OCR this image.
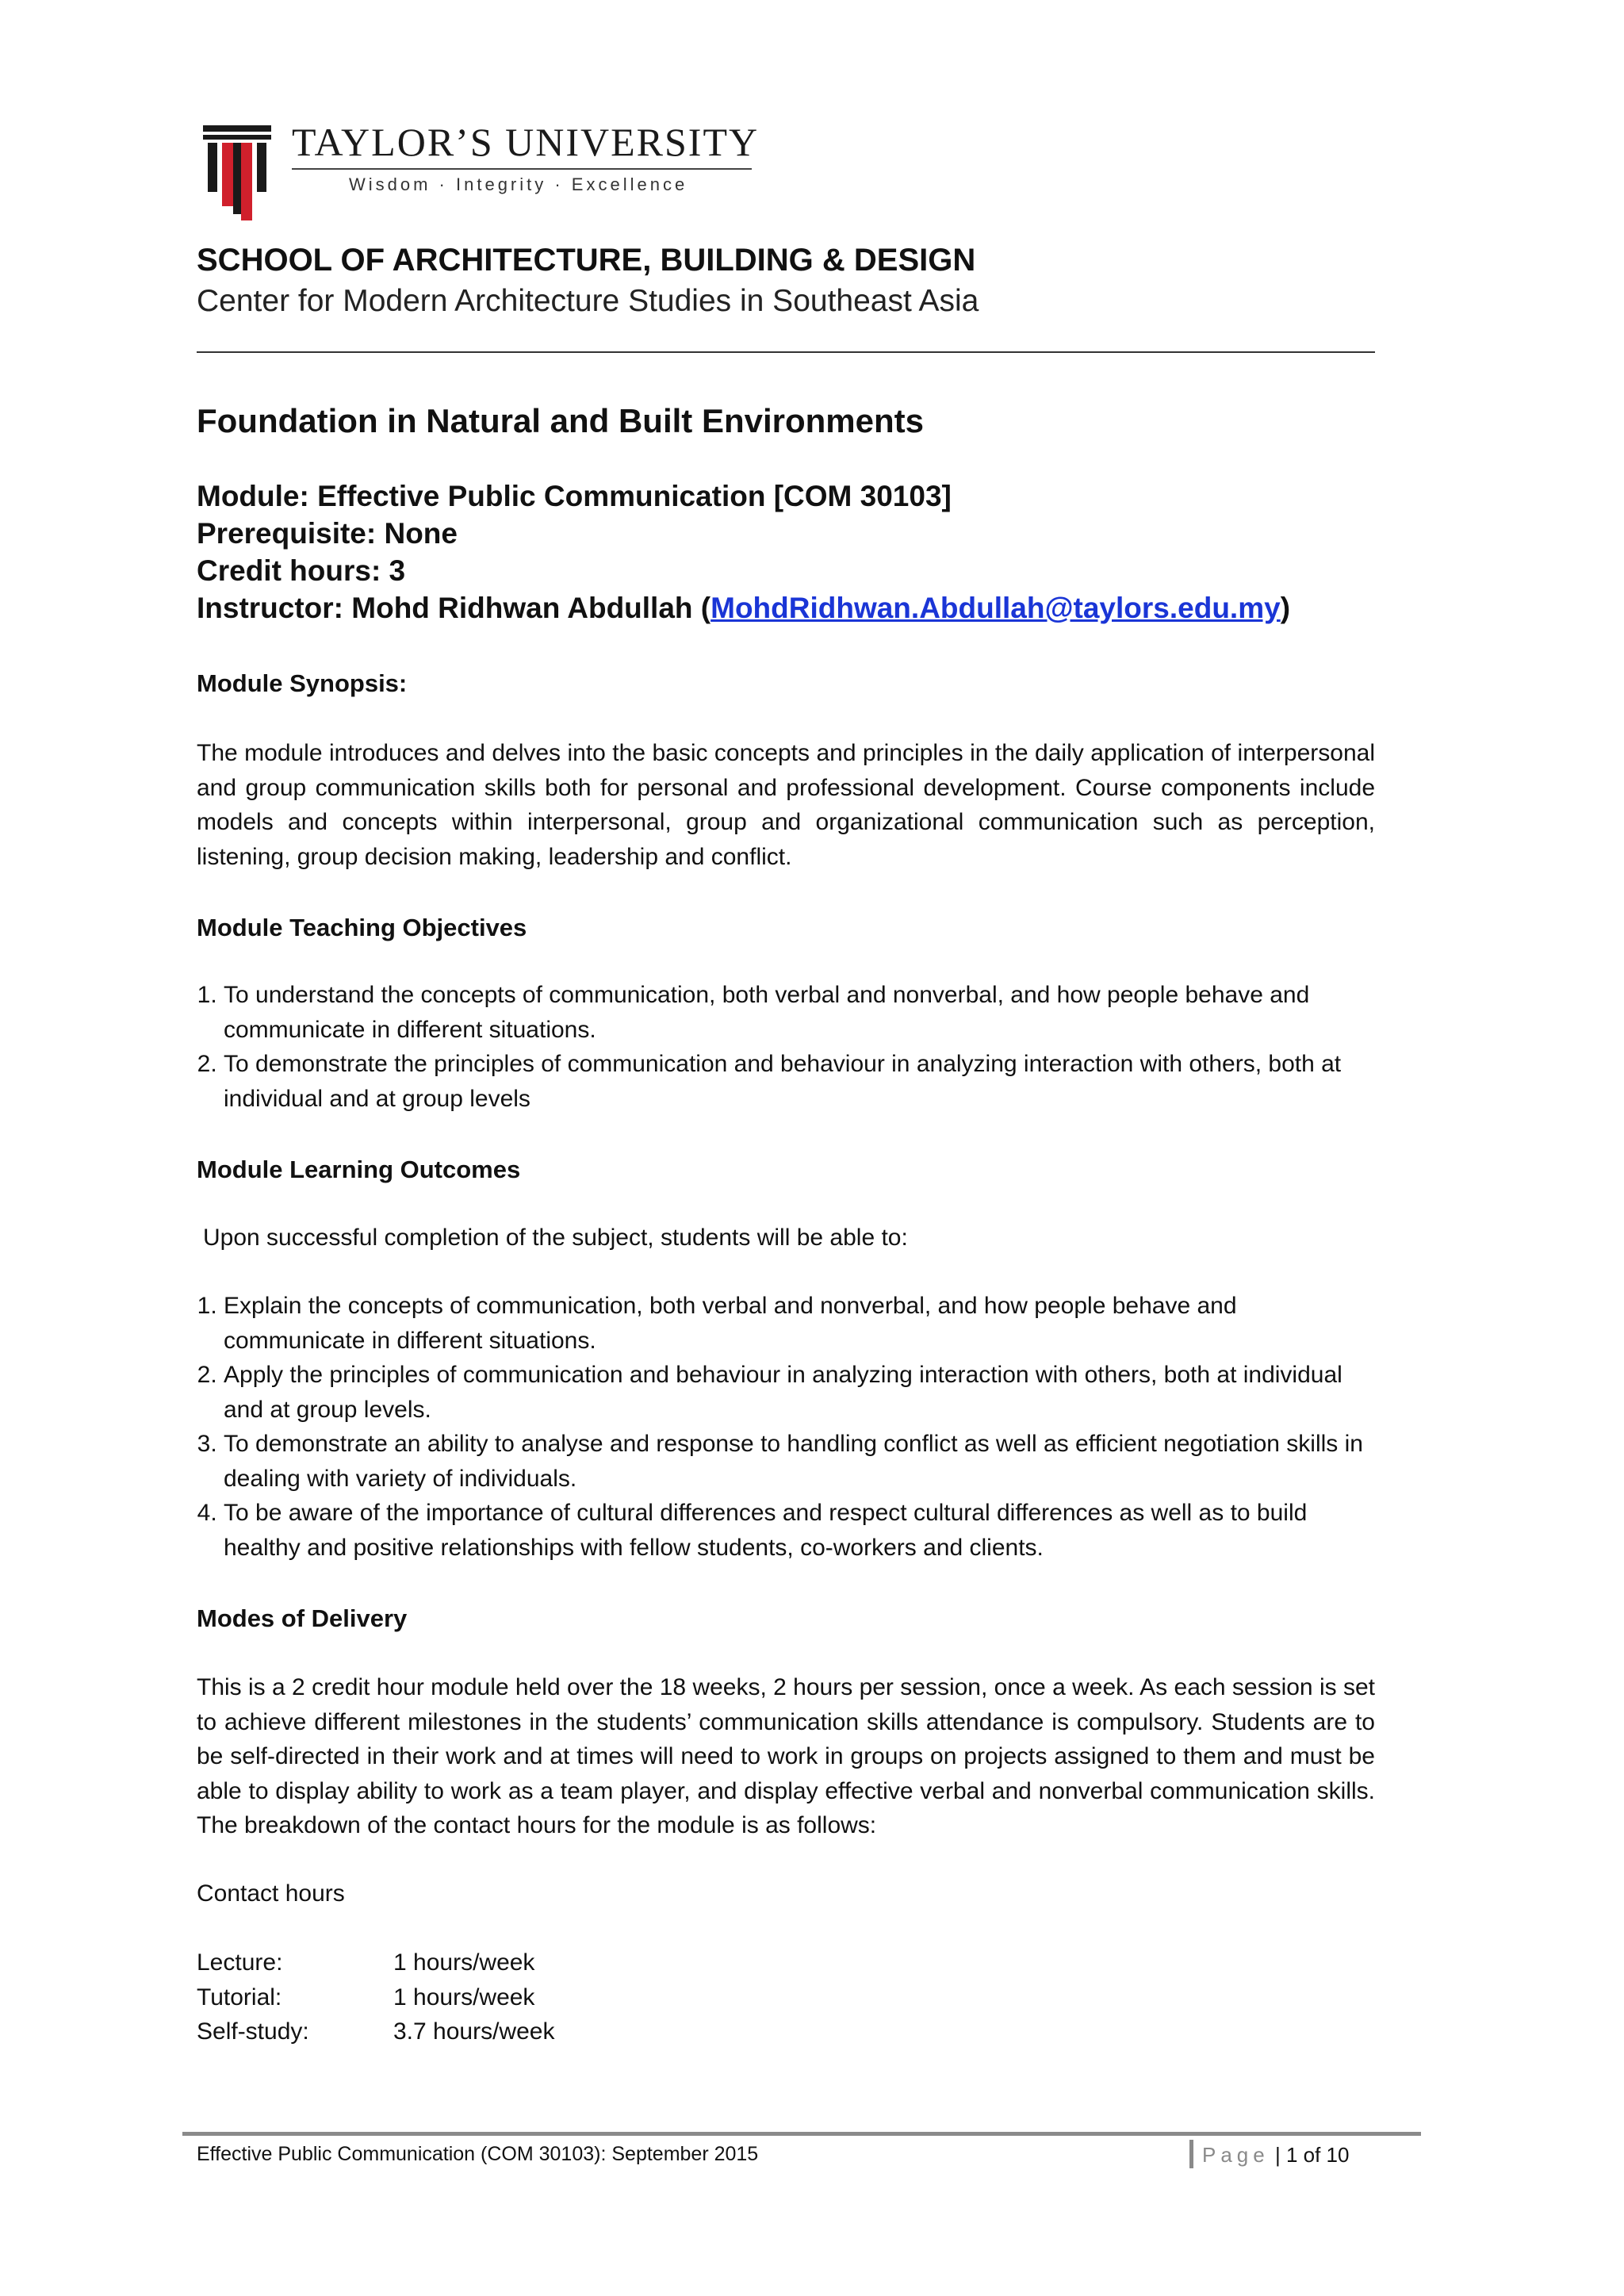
TAYLOR’S UNIVERSITY
Wisdom · Integrity · Excellence
SCHOOL OF ARCHITECTURE, BUILDING & DESIGN
Center for Modern Architecture Studies in Southeast Asia
Foundation in Natural and Built Environments
Module: Effective Public Communication [COM 30103]
Prerequisite: None
Credit hours: 3
Instructor: Mohd Ridhwan Abdullah (MohdRidhwan.Abdullah@taylors.edu.my)
Module Synopsis:
The module introduces and delves into the basic concepts and principles in the daily application of interpersonal and group communication skills both for personal and professional development. Course components include models and concepts within interpersonal, group and organizational communication such as perception, listening, group decision making, leadership and conflict.
Module Teaching Objectives
1. To understand the concepts of communication, both verbal and nonverbal, and how people behave and communicate in different situations.
2. To demonstrate the principles of communication and behaviour in analyzing interaction with others, both at individual and at group levels
Module Learning Outcomes
Upon successful completion of the subject, students will be able to:
1. Explain the concepts of communication, both verbal and nonverbal, and how people behave and communicate in different situations.
2. Apply the principles of communication and behaviour in analyzing interaction with others, both at individual and at group levels.
3. To demonstrate an ability to analyse and response to handling conflict as well as efficient negotiation skills in dealing with variety of individuals.
4. To be aware of the importance of cultural differences and respect cultural differences as well as to build healthy and positive relationships with fellow students, co-workers and clients.
Modes of Delivery
This is a 2 credit hour module held over the 18 weeks, 2 hours per session, once a week. As each session is set to achieve different milestones in the students’ communication skills attendance is compulsory. Students are to be self-directed in their work and at times will need to work in groups on projects assigned to them and must be able to display ability to work as a team player, and display effective verbal and nonverbal communication skills. The breakdown of the contact hours for the module is as follows:
Contact hours
Lecture:	1 hours/week
Tutorial:	1 hours/week
Self-study:	3.7 hours/week
Effective Public Communication (COM 30103): September 2015	Page | 1 of 10
